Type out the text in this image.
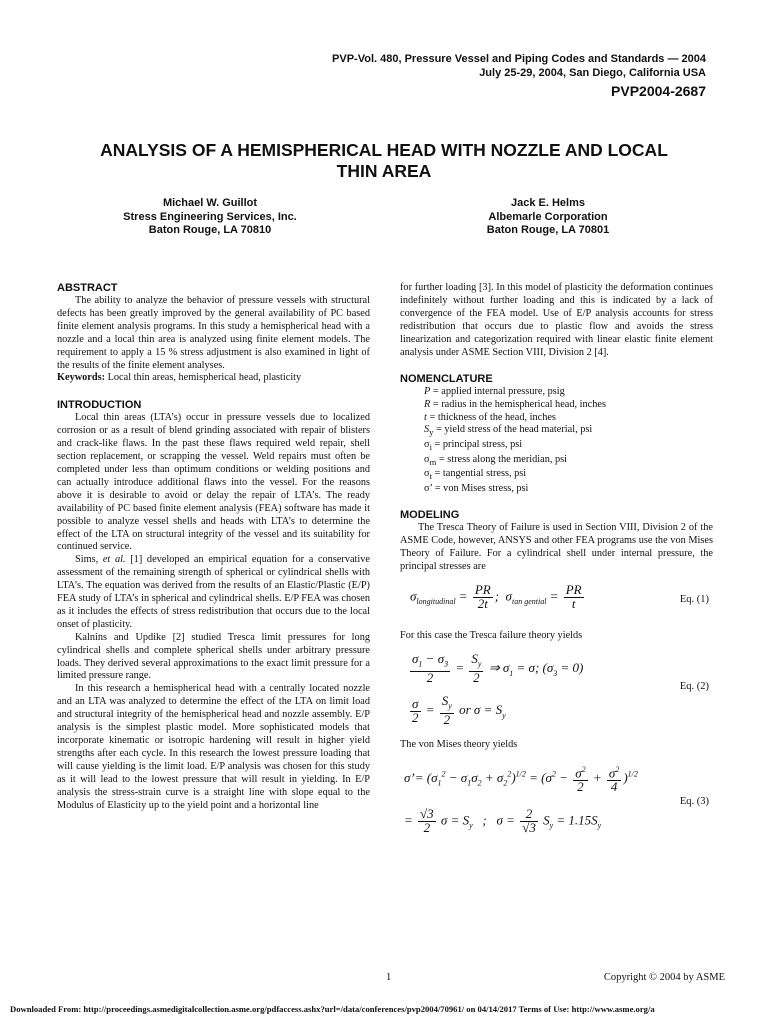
PVP-Vol. 480, Pressure Vessel and Piping Codes and Standards — 2004
July 25-29, 2004, San Diego, California USA
PVP2004-2687
ANALYSIS OF A HEMISPHERICAL HEAD WITH NOZZLE AND LOCAL
THIN AREA
Michael W. Guillot
Stress Engineering Services, Inc.
Baton Rouge, LA 70810
Jack E. Helms
Albemarle Corporation
Baton Rouge, LA 70801
ABSTRACT

The ability to analyze the behavior of pressure vessels with structural defects has been greatly improved by the general availability of PC based finite element analysis programs. In this study a hemispherical head with a nozzle and a local thin area is analyzed using finite element models. The requirement to apply a 15 % stress adjustment is also examined in light of the results of the finite element analyses.

Keywords: Local thin areas, hemispherical head, plasticity

INTRODUCTION

Local thin areas (LTA’s) occur in pressure vessels due to localized corrosion or as a result of blend grinding associated with repair of blisters and crack-like flaws. In the past these flaws required weld repair, shell section replacement, or scrapping the vessel. Weld repairs must often be completed under less than optimum conditions or welding positions and can actually introduce additional flaws into the vessel. For the reasons above it is desirable to avoid or delay the repair of LTA’s. The ready availability of PC based finite element analysis (FEA) software has made it possible to analyze vessel shells and heads with LTA’s to determine the effect of the LTA on structural integrity of the vessel and its suitability for continued service.

Sims, et al. [1] developed an empirical equation for a conservative assessment of the remaining strength of spherical or cylindrical shells with LTA’s. The equation was derived from the results of an Elastic/Plastic (E/P) FEA study of LTA’s in spherical and cylindrical shells. E/P FEA was chosen as it includes the effects of stress redistribution that occurs due to the local onset of plasticity.

Kalnins and Updike [2] studied Tresca limit pressures for long cylindrical shells and complete spherical shells under arbitrary pressure loads. They derived several approximations to the exact limit pressure for a limited pressure range.

In this research a hemispherical head with a centrally located nozzle and an LTA was analyzed to determine the effect of the LTA on limit load and structural integrity of the hemispherical head and nozzle assembly. E/P analysis is the simplest plastic model. More sophisticated models that incorporate kinematic or isotropic hardening will result in higher yield strengths after each cycle. In this research the lowest pressure loading that will cause yielding is the limit load. E/P analysis was chosen for this study as it will lead to the lowest pressure that will result in yielding. In E/P analysis the stress-strain curve is a straight line with slope equal to the Modulus of Elasticity up to the yield point and a horizontal line

for further loading [3]. In this model of plasticity the deformation continues indefinitely without further loading and this is indicated by a lack of convergence of the FEA model. Use of E/P analysis accounts for stress redistribution that occurs due to plastic flow and avoids the stress linearization and categorization required with linear elastic finite element analysis under ASME Section VIII, Division 2 [4].

NOMENCLATURE
P = applied internal pressure, psig
R = radius in the hemispherical head, inches
t = thickness of the head, inches
$S_y$ = yield stress of the head material, psi
$\sigma_i$ = principal stress, psi
$\sigma_m$ = stress along the meridian, psi
$\sigma_t$ = tangential stress, psi
σ’ = von Mises stress, psi
MODELING

The Tresca Theory of Failure is used in Section VIII, Division 2 of the ASME Code, however, ANSYS and other FEA programs use the von Mises Theory of Failure. For a cylindrical shell under internal pressure, the principal stresses are

$\sigma_{longitudinal} = \frac{PR}{2t}$ ;  $\sigma_{tan gential} = \frac{PR}{t}$	Eq. (1)

For this case the Tresca failure theory yields

$\frac{\sigma_1 - \sigma_3}{2} = \frac{S_y}{2}$ ⇒ $\sigma_1 = \sigma$; $(\sigma_3 = 0)$
$\frac{\sigma}{2} = \frac{S_y}{2}$ or $\sigma = S_y$
Eq. (2)

The von Mises theory yields

σ’= $(\sigma_1^2 - \sigma_1\sigma_2 + \sigma_2^2)^{1/2} = (\sigma^2 - \frac{\sigma^2}{2} + \frac{\sigma^2}{4} )^{1/2}$
= $\frac{√3}{2}$ $\sigma = S_y$   ;   $\sigma = \frac{2}{√3} S_y = 1.15S_y$
Eq. (3)
1	Copyright © 2004 by ASME
Downloaded From: http://proceedings.asmedigitalcollection.asme.org/pdfaccess.ashx?url=/data/conferences/pvp2004/70961/ on 04/14/2017 Terms of Use: http://www.asme.org/a
